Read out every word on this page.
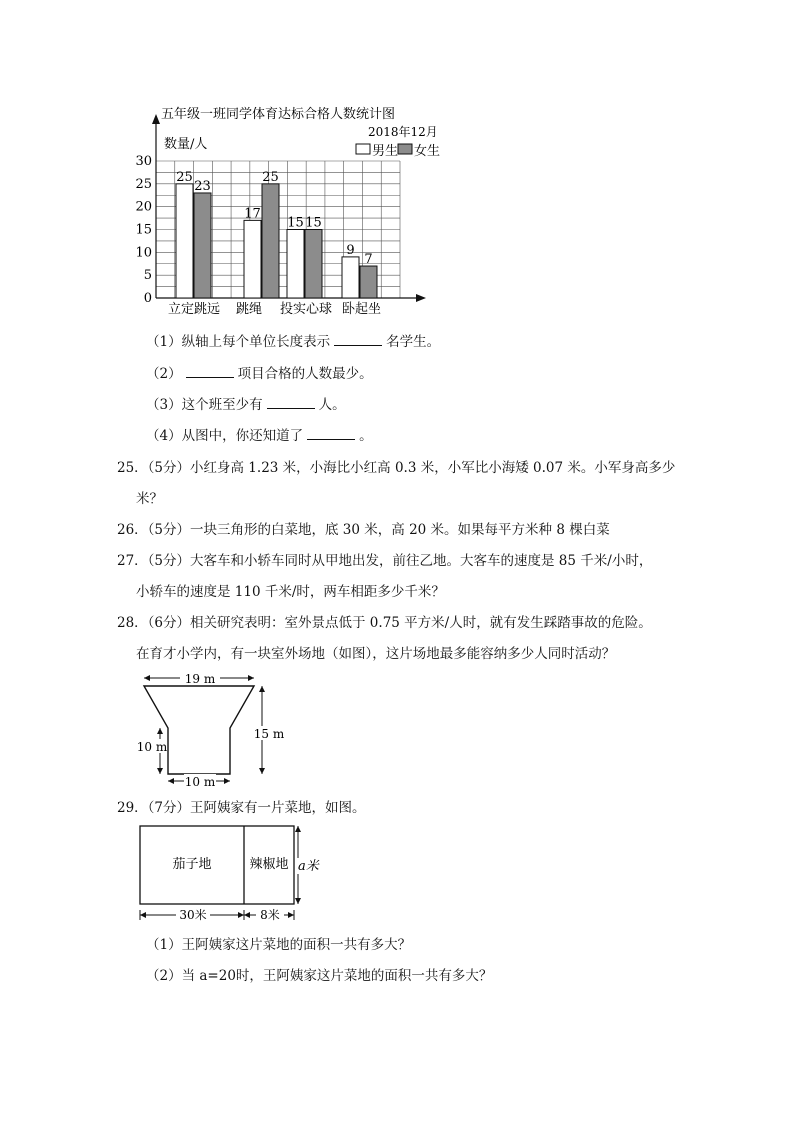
五年级一班同学体育达标合格人数统计图
2018年12月
数量/人	男生 女生
0
5
10
15
20
25
30
25
23
17
25
15 15
9
7
立定跳远 跳绳 投实心球 卧起坐
（1）纵轴上每个单位长度表示	名学生。
（2）	项目合格的人数最少。
（3）这个班至少有	人。
（4）从图中，你还知道了	。
25．（5分）小红身高 1.23 米，小海比小红高 0.3 米，小军比小海矮 0.07 米。小军身高多少
米？
26．（5分）一块三角形的白菜地，底 30 米，高 20 米。如果每平方米种 8 棵白菜
27．（5分）大客车和小轿车同时从甲地出发，前往乙地。大客车的速度是 85 千米/小时，
小轿车的速度是 110 千米/时，两车相距多少千米？
28．（6分）相关研究表明：室外景点低于 0.75 平方米/人时，就有发生踩踏事故的危险。
在育才小学内，有一块室外场地（如图），这片场地最多能容纳多少人同时活动？
19 m
10 m
15 m
10 m
29．（7分）王阿姨家有一片菜地，如图。
茄子地	辣椒地 a米
30米	8米
（1）王阿姨家这片菜地的面积一共有多大？
（2）当 a=20时，王阿姨家这片菜地的面积一共有多大？
